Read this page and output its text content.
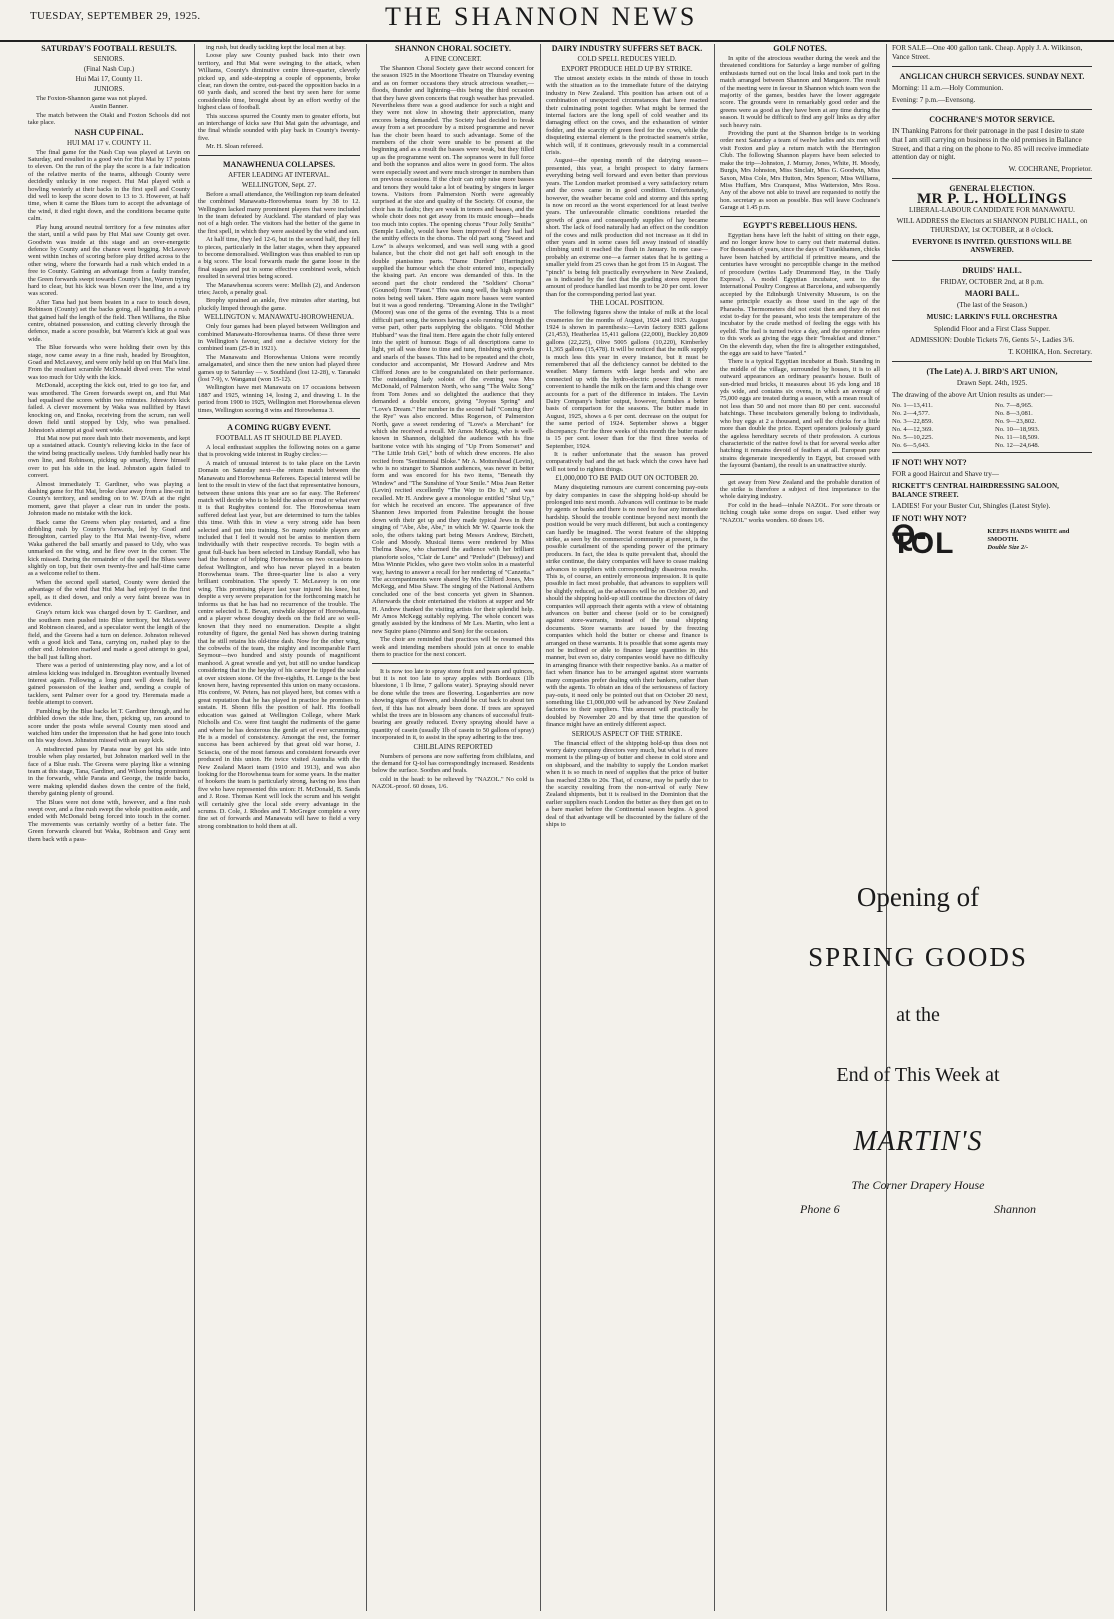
TUESDAY, SEPTEMBER 29, 1925.	THE SHANNON NEWS

SATURDAY'S FOOTBALL RESULTS.

SENIORS.

(Final Nash Cup.)

Hui Mai 17, County 11.

JUNIORS.

The Foxton-Shannon game was not played.

Austin Banner.

The match between the Otaki and Foxton Schools did not take place.

NASH CUP FINAL.

HUI MAI 17 v. COUNTY 11.

The final game for the Nash Cup was played at Levin on Saturday, and resulted in a good win for Hui Mai by 17 points to eleven. On the run of the play the score is a fair indication of the relative merits of the teams, although County were decidedly unlucky in one respect. Hui Mai played with a howling westerly at their backs in the first spell and County did well to keep the score down to 13 to 3. However, at half time, when it came the Blues turn to accept the advantage of the wind, it died right down, and the conditions became quite calm.

Play hung around neutral territory for a few minutes after the start, until a wild pass by Hui Mai saw County get over. Goodwin was inside at this stage and an over-energetic defence by County and the chance went begging. McLeavey went within inches of scoring before play drifted across to the other wing, where the forwards had a rush which ended in a free to County. Gaining an advantage from a faulty transfer, the Green forwards swept towards County's line, Warren trying hard to clear, but his kick was blown over the line, and a try was scored.

After Tana had just been beaten in a race to touch down, Robinson (County) set the backs going, all handling in a rush that gained half the length of the field. Then Williams, the Blue centre, obtained possession, and cutting cleverly through the defence, made a score possible, but Warren's kick at goal was wide.

The Blue forwards who were holding their own by this stage, now came away in a fine rush, headed by Broughton, Goad and McLeavey, and were only held up on Hui Mai's line. From the resultant scramble McDonald dived over. The wind was too much for Udy with the kick.

McDonald, accepting the kick out, tried to go too far, and was smothered. The Green forwards swept on, and Hui Mai had equalised the scores within two minutes. Johnston's kick failed. A clever movement by Waka was nullified by Hawi knocking on, and Enoka, receiving from the scrum, ran well down field until stopped by Udy, who was penalised. Johnston's attempt at goal went wide.

Hui Mai now put more dash into their movements, and kept up a sustained attack. County's relieving kicks in the face of the wind being practically useless. Udy fumbled badly near his own line, and Robinson, picking up smartly, threw himself over to put his side in the lead. Johnston again failed to convert.

Almost immediately T. Gardiner, who was playing a dashing game for Hui Mai, broke clear away from a line-out in County's territory, and sending on to W. D'Ath at the right moment, gave that player a clear run in under the posts. Johnston made no mistake with the kick.

Back came the Greens when play restarted, and a fine dribbling rush by County's forwards, led by Goad and Broughton, carried play to the Hui Mai twenty-five, where Waka gathered the ball smartly and passed to Udy, who was unmarked on the wing, and he flew over in the corner. The kick missed. During the remainder of the spell the Blues were slightly on top, but their own twenty-five and half-time came as a welcome relief to them.

When the second spell started, County were denied the advantage of the wind that Hui Mai had enjoyed in the first spell, as it died down, and only a very faint breeze was in evidence.

Gray's return kick was charged down by T. Gardiner, and the southern men pushed into Blue territory, but McLeavey and Robinson cleared, and a speculator went the length of the field, and the Greens had a turn on defence. Johnston relieved with a good kick and Tana, carrying on, rushed play to the other end. Johnston marked and made a good attempt to goal, the ball just falling short.

There was a period of uninteresting play now, and a lot of aimless kicking was indulged in. Broughton eventually livened interest again. Following a long punt well down field, he gained possession of the leather and, sending a couple of tacklers, sent Palmer over for a good try. Heremaia made a feeble attempt to convert.

Fumbling by the Blue backs let T. Gardiner through, and he dribbled down the side line, then, picking up, ran around to score under the posts while several County men stood and watched him under the impression that he had gone into touch on his way down. Johnston missed with an easy kick.

A misdirected pass by Parata near by got his side into trouble when play restarted, but Johnston marked well in the face of a Blue rush. The Greens were playing like a winning team at this stage, Tana, Gardiner, and Wilson being prominent in the forwards, while Parata and George, the inside backs, were making splendid dashes down the centre of the field, thereby gaining plenty of ground.

The Blues were not done with, however, and a fine rush swept over, and a fine rush swept the whole position aside, and ended with McDonald being forced into touch in the corner. The movements was certainly worthy of a better fate. The Green forwards cleared but Waka, Robinson and Gray sent them back with a pass-

ing rush, but deadly tackling kept the local men at bay.

Loose play saw County pushed back into their own territory, and Hui Mai were swinging to the attack, when Williams, County's diminutive centre three-quarter, cleverly picked up, and side-stepping a couple of opponents, broke clear, ran down the centre, out-paced the opposition backs in a 60 yards dash, and scored the best try seen here for some considerable time, brought about by an effort worthy of the highest class of football.

This success spurred the County men to greater efforts, but an interchange of kicks saw Hui Mai gain the advantage, and the final whistle sounded with play back in County's twenty-five.

Mr. H. Sloan refereed.

MANAWHENUA COLLAPSES.

AFTER LEADING AT INTERVAL.

WELLINGTON, Sept. 27.

Before a small attendance, the Wellington rep team defeated the combined Manawatu-Horowhenua team by 38 to 12. Wellington lacked many prominent players that were included in the team defeated by Auckland. The standard of play was not of a high order. The visitors had the better of the game in the first spell, in which they were assisted by the wind and sun.

At half time, they led 12-6, but in the second half, they fell to pieces, particularly in the latter stages, when they appeared to become demoralised. Wellington was thus enabled to run up a big score. The local forwards made the game loose in the final stages and put in some effective combined work, which resulted in several tries being scored.

The Manawhenua scorers were: Mellish (2), and Anderson tries; Jacob, a penalty goal.

Brophy sprained an ankle, five minutes after starting, but pluckily limped through the game.

WELLINGTON v. MANAWATU-HOROWHENUA.

Only four games had been played between Wellington and combined Manawatu-Horowhenua teams. Of these three were in Wellington's favour, and one a decisive victory for the combined team (25-8 in 1921).

The Manawatu and Horowhenua Unions were recently amalgamated, and since then the new union had played three games up to Saturday — v. Southland (lost 12-28), v. Taranaki (lost 7-9), v. Wanganui (won 15-12).

Wellington have met Manawatu on 17 occasions between 1887 and 1925, winning 14, losing 2, and drawing 1. In the period from 1900 to 1925, Wellington met Horowhenua eleven times, Wellington scoring 8 wins and Horowhenua 3.

A COMING RUGBY EVENT.

FOOTBALL AS IT SHOULD BE PLAYED.

A local enthusiast supplies the following notes on a game that is provoking wide interest in Rugby circles:—

A match of unusual interest is to take place on the Levin Domain on Saturday next—the return match between the Manawatu and Horowhenua Referees. Especial interest will be lent to the result in view of the fact that representative honours, between these unions this year are so far easy. The Referees' match will decide who is to hold the ashes or mud or what ever it is that Rugbyites contend for. The Horowhenua team suffered defeat last year, but are determined to turn the tables this time. With this in view a very strong side has been selected and put into training. So many notable players are included that I feel it would not be amiss to mention them individually with their respective records. To begin with a great full-back has been selected in Lindsay Randall, who has had the honour of helping Horowhenua on two occasions to defeat Wellington, and who has never played in a beaten Horowhenua team. The three-quarter line is also a very brilliant combination. The speedy T. McLeavey is on one wing. This promising player last year injured his knee, but despite a very severe preparation for the forthcoming match he informs us that he has had no recurrence of the trouble. The centre selected is E. Bevan, erstwhile skipper of Horowhenua, and a player whose doughty deeds on the field are so well-known that they need no enumeration. Despite a slight rotundity of figure, the genial Ned has shown during training that he still retains his old-time dash. Now for the other wing, the cobwebs of the team, the mighty and incomparable Farri Seymour—two hundred and sixty pounds of magnificent manhood. A great wrestle and yet, but still no undue handicap considering that in the heyday of his career he tipped the scale at over sixteen stone. Of the five-eighths, H. Lenge is the best known here, having represented this union on many occasions. His confrere, W. Peters, has not played here, but comes with a great reputation that he has played in practice he promises to sustain. H. Shonn fills the position of half. His football education was gained at Wellington College, where Mark Nicholls and Co. were first taught the rudiments of the game and where he has dexterous the gentle art of ever scrumming. He is a model of consistency. Amongst the rest, the former success has been achieved by that great old war horse, J. Sciascia, one of the most famous and consistent forwards ever produced in this union. He twice visited Australia with the New Zealand Maori team (1910 and 1913), and was also looking for the Horowhenua team for some years. In the matter of hookers the team is particularly strong, having no less than five who have represented this union: H. McDonald, B. Sands and J. Rose. Thomas Kent will lock the scrum and his weight will certainly give the local side every advantage in the scrums. D. Cole, J. Rhodes and T. McGregor complete a very fine set of forwards and Manawatu will have to field a very strong combination to hold them at all.

SHANNON CHORAL SOCIETY.

A FINE CONCERT.

The Shannon Choral Society gave their second concert for the season 1925 in the Mooritone Theatre on Thursday evening and as on former occasions they struck atrocious weather,—floods, thunder and lightning—this being the third occasion that they have given concerts that rough weather has prevailed. Nevertheless there was a good audience for such a night and they were not slow in showing their appreciation, many encores being demanded. The Society had decided to break away from a set procedure by a mixed programme and never has the choir been heard to such advantage. Some of the members of the choir were unable to be present at the beginning and as a result the basses were weak, but they filled up as the programme went on. The sopranos were in full force and both the sopranos and altos were in good form. The altos were especially sweet and were much stronger in numbers than on previous occasions. If the choir can only raise more basses and tenors they would take a lot of beating by singers in larger towns. Visitors from Palmerston North were agreeably surprised at the size and quality of the Society. Of course, the choir has its faults; they are weak in tenors and basses, and the whole choir does not get away from its music enough—heads too much into copies. The opening chorus "Four Jolly Smiths" (Semple Leslie), would have been improved if they had had the smithy effects in the chorus. The old part song "Sweet and Low" is always welcomed, and was well sung with a good balance, but the choir did not get half soft enough in the double pianissimo parts. "Dame Durden" (Harrington) supplied the humour which the choir entered into, especially the kissing part. An encore was demanded of this. In the second part the choir rendered the "Soldiers' Chorus" (Gounod) from "Faust." This was sung well, the high soprano notes being well taken. Here again more basses were wanted but it was a good rendering. "Dreaming Alone in the Twilight" (Moore) was one of the gems of the evening. This is a most difficult part song, the tenors having a solo running through the verse part, other parts supplying the obligato. "Old Mother Hubbard" was the final item. Here again the choir fully entered into the spirit of humour. Bugs of all descriptions came to light, yet all was done to time and tune, finishing with growls and snarls of the basses. This had to be repeated and the choir, conductor and accompanist, Mr Howard Andrew and Mrs Clifford Jones are to be congratulated on their performance. The outstanding lady soloist of the evening was Mrs McDonald, of Palmerston North, who sang "The Waltz Song" from Tom Jones and so delighted the audience that they demanded a double encore, giving "Joyous Spring" and "Love's Dream." Her number in the second half "Coming thro' the Rye" was also encored. Miss Rogerson, of Palmerston North, gave a sweet rendering of "Love's a Merchant" for which she received a recall. Mr Amos McKegg, who is well-known in Shannon, delighted the audience with his fine baritone voice with his singing of "Up From Somerset" and "The Little Irish Girl," both of which drew encores. He also recited from "Sentimental Bloke." Mr A. Mottershead (Levin), who is no stranger to Shannon audiences, was never in better form and was encored for his two items, "Beneath thy Window" and "The Sunshine of Your Smile." Miss Jean Retter (Levin) recited excellently "The Way to Do It," and was recalled. Mr H. Andrew gave a monologue entitled "Shut Up," for which he received an encore. The appearance of five Shannon Jews imported from Palestine brought the house down with their get up and they made typical Jews in their singing of "Abe, Abe, Abe," in which Mr W. Quarrie took the solo, the others taking part being Messrs Andrew, Birchett, Cole and Moody. Musical items were rendered by Miss Thelma Shaw, who charmed the audience with her brilliant pianoforte solos, "Clair de Lune" and "Prelude" (Debussy) and Miss Winnie Pickles, who gave two violin solos in a masterful way, having to answer a recall for her rendering of "Canzetta." The accompaniments were shared by Mrs Clifford Jones, Mrs McKegg, and Miss Shaw. The singing of the National Anthem concluded one of the best concerts yet given in Shannon. Afterwards the choir entertained the visitors at supper and Mr H. Andrew thanked the visiting artists for their splendid help. Mr Amos McKegg suitably replying. The whole concert was greatly assisted by the kindness of Mr Les. Martin, who lent a new Squire piano (Nimmo and Son) for the occasion.

The choir are reminded that practices will be resumed this week and intending members should join at once to enable them to practice for the next concert.

It is now too late to spray stone fruit and pears and quinces, but it is not too late to spray apples with Bordeaux (1lb bluestone, 1 lb lime, 7 gallons water). Spraying should never be done while the trees are flowering. Loganberries are now showing signs of flowers, and should be cut back to about ten feet, if this has not already been done. If trees are sprayed whilst the trees are in blossom any chances of successful fruit-bearing are greatly reduced. Every spraying should have a quantity of casein (usually 1lb of casein to 50 gallons of spray) incorporated in it, to assist in the spray adhering to the tree.

CHILBLAINS REPORTED

Numbers of persons are now suffering from chilblains, and the demand for Q-tol has correspondingly increased. Residents below the surface. Soothes and heals.

cold in the head: to be relieved by "NAZOL." No cold is NAZOL-proof. 60 doses, 1/6.

DAIRY INDUSTRY SUFFERS SET BACK.

COLD SPELL REDUCES YIELD.

EXPORT PRODUCE HELD UP BY STRIKE.

The utmost anxiety exists in the minds of those in touch with the situation as to the immediate future of the dairying industry in New Zealand. This position has arisen out of a combination of unexpected circumstances that have reacted their culminating point together. What might be termed the internal factors are the long spell of cold weather and its damaging effect on the cows, and the exhaustion of winter fodder, and the scarcity of green feed for the cows, while the disquieting external element is the protracted seamen's strike, which will, if it continues, grievously result in a commercial crisis.

August—the opening month of the dairying season—presented, this year, a bright prospect to dairy farmers everything being well forward and even better than previous years. The London market promised a very satisfactory return and the cows came in in good condition. Unfortunately, however, the weather became cold and stormy and this spring is now on record as the worst experienced for at least twelve years. The unfavourable climatic conditions retarded the growth of grass and consequently supplies of hay became short. The lack of food naturally had an effect on the condition of the cows and milk production did not increase as it did in other years and in some cases fell away instead of steadily climbing until it reached the flush in January. In one case—probably an extreme one—a farmer states that he is getting a smaller yield from 25 cows than he got from 15 in August. The "pinch" is being felt practically everywhere in New Zealand, as is indicated by the fact that the grading stores report the amount of produce handled last month to be 20 per cent. lower than for the corresponding period last year.

THE LOCAL POSITION.

The following figures show the intake of milk at the local creameries for the months of August, 1924 and 1925. August 1924 is shown in parenthesis:—Levin factory 8383 gallons (21,453), Heatherlea 15,411 gallons (22,000), Buckley 20,809 gallons (22,225), Olive 5005 gallons (10,220), Kimberley 11,365 gallons (15,478). It will be noticed that the milk supply is much less this year in every instance, but it must be remembered that all the deficiency cannot be debited to the weather. Many farmers with large herds and who are connected up with the hydro-electric power find it more convenient to handle the milk on the farm and this change over accounts for a part of the difference in intakes. The Levin Dairy Company's butter output, however, furnishes a better basis of comparison for the seasons. The butter made in August, 1925, shows a 6 per cent. decrease on the output for the same period of 1924. September shows a bigger discrepancy. For the three weeks of this month the butter made is 15 per cent. lower than for the first three weeks of September, 1924.

It is rather unfortunate that the season has proved comparatively bad and the set back which the cows have had will not tend to righten things.

£1,000,000 TO BE PAID OUT ON OCTOBER 20.

Many disquieting rumours are current concerning pay-outs by dairy companies in case the shipping hold-up should be prolonged into next month. Advances will continue to be made by agents or banks and there is no need to fear any immediate hardship. Should the trouble continue beyond next month the position would be very much different, but such a contingency can hardly be imagined. The worst feature of the shipping strike, as seen by the commercial community at present, is the possible curtailment of the spending power of the primary producers. In fact, the idea is quite prevalent that, should the strike continue, the dairy companies will have to cease making advances to suppliers with correspondingly disastrous results. This is, of course, an entirely erroneous impression. It is quite possible in fact most probable, that advances to suppliers will be slightly reduced, as the advances will be on October 20, and should the shipping hold-up still continue the directors of dairy companies will approach their agents with a view of obtaining advances on butter and cheese (sold or to be consigned) against store-warrants, instead of the usual shipping documents. Store warrants are issued by the freezing companies which hold the butter or cheese and finance is arranged on these warrants. It is possible that some agents may not be inclined or able to finance large quantities in this manner, but even so, dairy companies would have no difficulty in arranging finance with their respective banks. As a matter of fact when finance has to be arranged against store warrants many companies prefer dealing with their bankers, rather than with the agents. To obtain an idea of the seriousness of factory pay-outs, it need only be pointed out that on October 20 next, something like £1,000,000 will be advanced by New Zealand factories to their suppliers. This amount will practically be doubled by November 20 and by that time the question of finance might have an entirely different aspect.

SERIOUS ASPECT OF THE STRIKE.

The financial effect of the shipping hold-up thus does not worry dairy company directors very much, but what is of more moment is the piling-up of butter and cheese in cold store and on shipboard, and the inability to supply the London market when it is so much in need of supplies that the price of butter has reached 238s to 20s. That, of course, may be partly due to the scarcity resulting from the non-arrival of early New Zealand shipments, but it is realised in the Dominion that the earlier suppliers reach London the better as they then get on to a bare market before the Continental season begins. A good deal of that advantage will be discounted by the failure of the ships to

GOLF NOTES.

In spite of the atrocious weather during the week and the threatened conditions for Saturday a large number of golfing enthusiasts turned out on the local links and took part in the match arranged between Shannon and Mangaore. The result of the meeting were in favour in Shannon which team won the majority of the games, besides have the lower aggregate score. The grounds were in remarkably good order and the greens were as good as they have been at any time during the season. It would be difficult to find any golf links as dry after such heavy rain.

Providing the punt at the Shannon bridge is in working order next Saturday a team of twelve ladies and six men will visit Foxton and play a return match with the Herrington Club. The following Shannon players have been selected to make the trip—Johnston, J. Murray, Jones, White, H. Moody, Burgis, Mrs Johnston, Miss Sinclair, Miss G. Goodwin, Miss Saxon, Miss Cole, Mrs Hutton, Mrs Spencer, Miss Williams, Miss Huffam, Mrs Cranquest, Miss Watterston, Mrs Ross. Any of the above not able to travel are requested to notify the hon. secretary as soon as possible. Bus will leave Cochrane's Garage at 1.45 p.m.

EGYPT'S REBELLIOUS HENS.

Egyptian hens have left the habit of sitting on their eggs, and no longer know how to carry out their maternal duties. For thousands of years, since the days of Tutankhamen, chicks have been hatched by artificial if primitive means, and the centuries have wrought no perceptible change in the method of procedure (writes Lady Drummond Hay, in the 'Daily Express'). A model Egyptian incubator, sent to the International Poultry Congress at Barcelona, and subsequently accepted by the Edinburgh University Museum, is on the same principle exactly as those used in the age of the Pharaohs. Thermometers did not exist then and they do not exist to-day for the peasant, who tests the temperature of the incubator by the crude method of feeling the eggs with his eyelid. The fuel is turned twice a day, and the operator refers to this work as giving the eggs their "breakfast and dinner." On the eleventh day, when the fire is altogether extinguished, the eggs are said to have "fasted."

There is a typical Egyptian incubator at Bush. Standing in the middle of the village, surrounded by houses, it is to all outward appearances an ordinary peasant's house. Built of sun-dried mud bricks, it measures about 16 yds long and 18 yds wide, and contains six ovens, in which an average of 75,000 eggs are treated during a season, with a mean result of not less than 50 and not more than 80 per cent. successful hatchings. These incubators generally belong to individuals, who buy eggs at 2 a thousand, and sell the chicks for a little more than double the price. Expert operators jealously guard the ageless hereditary secrets of their profession. A curious characteristic of the native fowl is that for several weeks after hatching it remains devoid of feathers at all. European pure strains degenerate inexpediently in Egypt, but crossed with the fayoumi (bantam), the result is an unattractive sturdy.

get away from New Zealand and the probable duration of the strike is therefore a subject of first importance to the whole dairying industry.

For cold in the head—inhale NAZOL. For sore throats or itching cough take some drops on sugar. Used either way "NAZOL" works wonders. 60 doses 1/6.

FOR SALE—One 400 gallon tank. Cheap. Apply J. A. Wilkinson, Vance Street.
ANGLICAN CHURCH SERVICES. SUNDAY NEXT.
Morning: 11 a.m.—Holy Communion.
Evening: 7 p.m.—Evensong.
COCHRANE'S MOTOR SERVICE.
IN Thanking Patrons for their patronage in the past I desire to state that I am still carrying on business in the old premises in Ballance Street, and that a ring on the phone to No. 85 will receive immediate attention day or night.
W. COCHRANE, Proprietor.
GENERAL ELECTION.
MR P. L. HOLLINGS
LIBERAL-LABOUR CANDIDATE FOR MANAWATU.
WILL ADDRESS the Electors at SHANNON PUBLIC HALL, on THURSDAY, 1st OCTOBER, at 8 o'clock.
EVERYONE IS INVITED. QUESTIONS WILL BE ANSWERED.
DRUIDS' HALL.
FRIDAY, OCTOBER 2nd, at 8 p.m.
MAORI BALL.
(The last of the Season.)
MUSIC: LARKIN'S FULL ORCHESTRA
Splendid Floor and a First Class Supper.
ADMISSION: Double Tickets 7/6, Gents 5/-, Ladies 3/6.
T. KOHIKA, Hon. Secretary.
(The Late) A. J. BIRD'S ART UNION,
Drawn Sept. 24th, 1925.
The drawing of the above Art Union results as under:—
No. 1—13,411.	No. 7—8,965.
No. 2—4,577.	No. 8—3,081.
No. 3—22,859.	No. 9—23,802.
No. 4—12,369.	No. 10—18,993.
No. 5—10,225.	No. 11—18,509.
No. 6—5,643.	No. 12—24,648.
IF NOT! WHY NOT?
FOR a good Haircut and Shave try—
RICKETT'S CENTRAL HAIRDRESSING SALOON, BALANCE STREET.
LADIES! For your Buster Cut, Shingles (Latest Style).
IF NOT! WHY NOT?
Q-TOL	KEEPS HANDS WHITE and SMOOTH.
Double Size 2/-
Opening of
SPRING GOODS
at the
End of This Week at
MARTIN'S
The Corner Drapery House
Phone 6	Shannon
